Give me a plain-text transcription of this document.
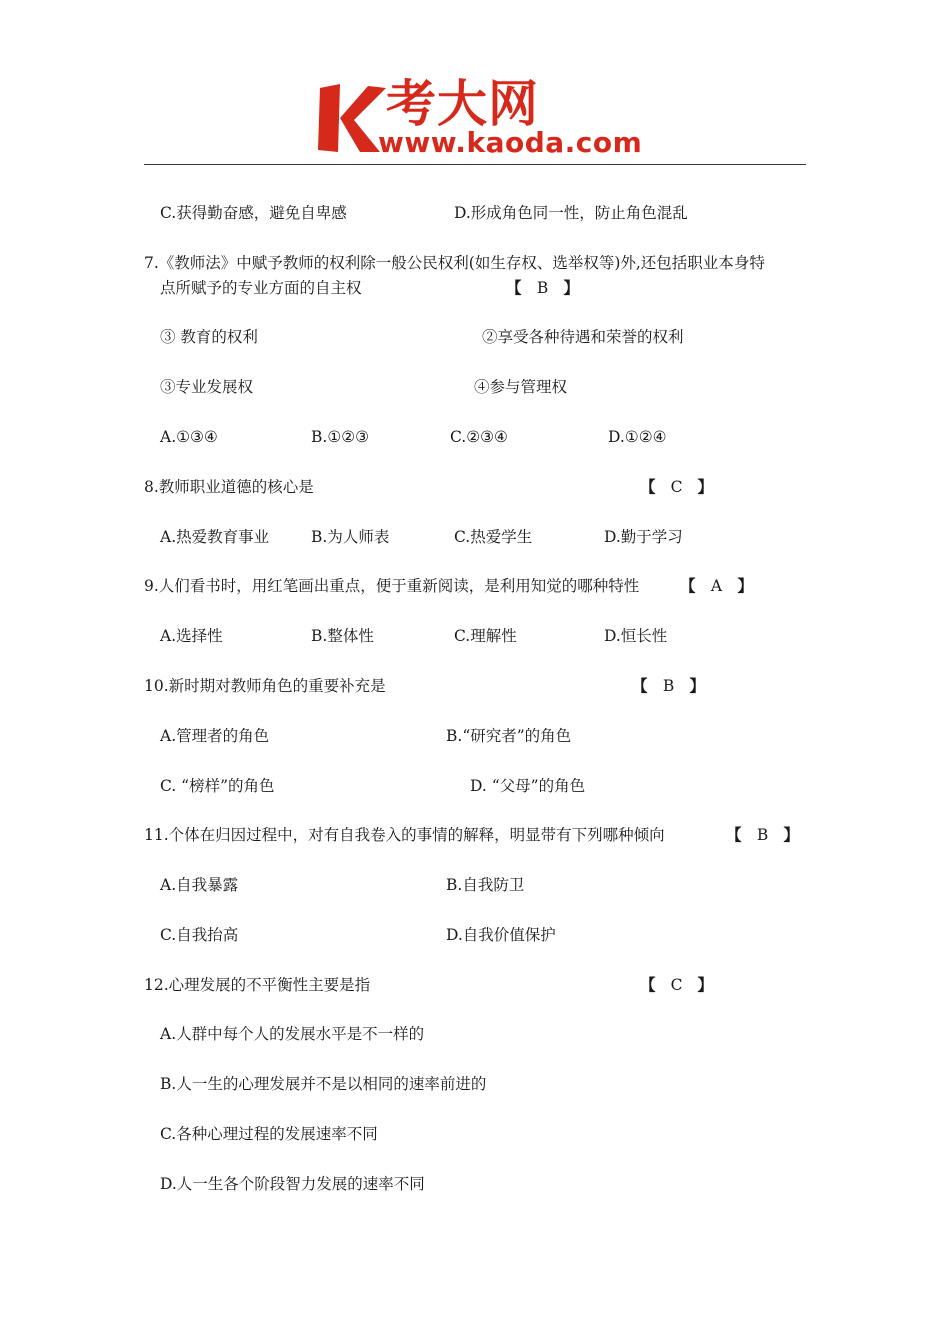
考大网
www.kaoda.com
C.获得勤奋感，避免自卑感	D.形成角色同一性，防止角色混乱
7.《教师法》中赋予教师的权利除一般公民权利(如生存权、选举权等)外,还包括职业本身特
点所赋予的专业方面的自主权	【 B 】
③ 教育的权利	②享受各种待遇和荣誉的权利
③专业发展权	④参与管理权
A.①③④	B.①②③	C.②③④	D.①②④
8.教师职业道德的核心是	【 C 】
A.热爱教育事业	B.为人师表	C.热爱学生	D.勤于学习
9.人们看书时，用红笔画出重点，便于重新阅读，是利用知觉的哪种特性	【 A 】
A.选择性	B.整体性	C.理解性	D.恒长性
10.新时期对教师角色的重要补充是	【 B 】
A.管理者的角色	B.“研究者”的角色
C. “榜样”的角色	D. “父母”的角色
11.个体在归因过程中，对有自我卷入的事情的解释，明显带有下列哪种倾向	【 B 】
A.自我暴露	B.自我防卫
C.自我抬高	D.自我价值保护
12.心理发展的不平衡性主要是指	【 C 】
A.人群中每个人的发展水平是不一样的
B.人一生的心理发展并不是以相同的速率前进的
C.各种心理过程的发展速率不同
D.人一生各个阶段智力发展的速率不同
